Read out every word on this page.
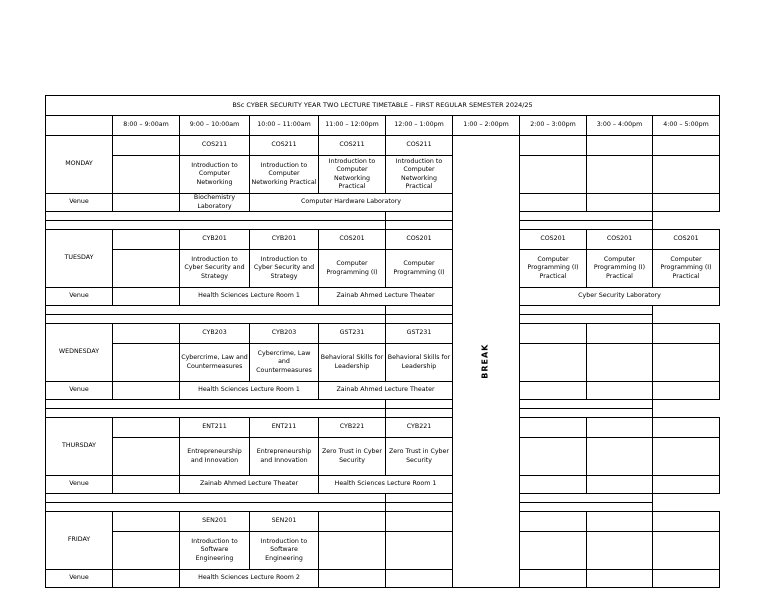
BSc CYBER SECURITY YEAR TWO LECTURE TIMETABLE – FIRST REGULAR SEMESTER 2024/25									
	8:00 – 9:00am	9:00 – 10:00am	10:00 – 11:00am	11:00 – 12:00pm	12:00 – 1:00pm	1:00 – 2:00pm	2:00 – 3:00pm	3:00 – 4:00pm	4:00 – 5:00pm
MONDAY		COS211	COS211	COS211	COS211	BREAK			
		Introduction to Computer Networking	Introduction to Computer Networking Practical	Introduction to Computer Networking Practical	Introduction to Computer Networking Practical				
Venue		Biochemistry Laboratory	Computer Hardware Laboratory						

TUESDAY		CYB201	CYB201	COS201	COS201		COS201	COS201	COS201
		Introduction to Cyber Security and Strategy	Introduction to Cyber Security and Strategy	Computer Programming (I)	Computer Programming (I)		Computer Programming (I) Practical	Computer Programming (I) Practical	Computer Programming (I) Practical
Venue		Health Sciences Lecture Room 1		Zainab Ahmed Lecture Theater			Cyber Security Laboratory		

WEDNESDAY		CYB203	CYB203	GST231	GST231				
		Cybercrime, Law and Countermeasures	Cybercrime, Law and Countermeasures	Behavioral Skills for Leadership	Behavioral Skills for Leadership				
Venue		Health Sciences Lecture Room 1		Zainab Ahmed Lecture Theater					

THURSDAY		ENT211	ENT211	CYB221	CYB221				
		Entrepreneurship and Innovation	Entrepreneurship and Innovation	Zero Trust in Cyber Security	Zero Trust in Cyber Security				
Venue		Zainab Ahmed Lecture Theater		Health Sciences Lecture Room 1					

FRIDAY		SEN201	SEN201						
		Introduction to Software Engineering	Introduction to Software Engineering						
Venue		Health Sciences Lecture Room 2							
